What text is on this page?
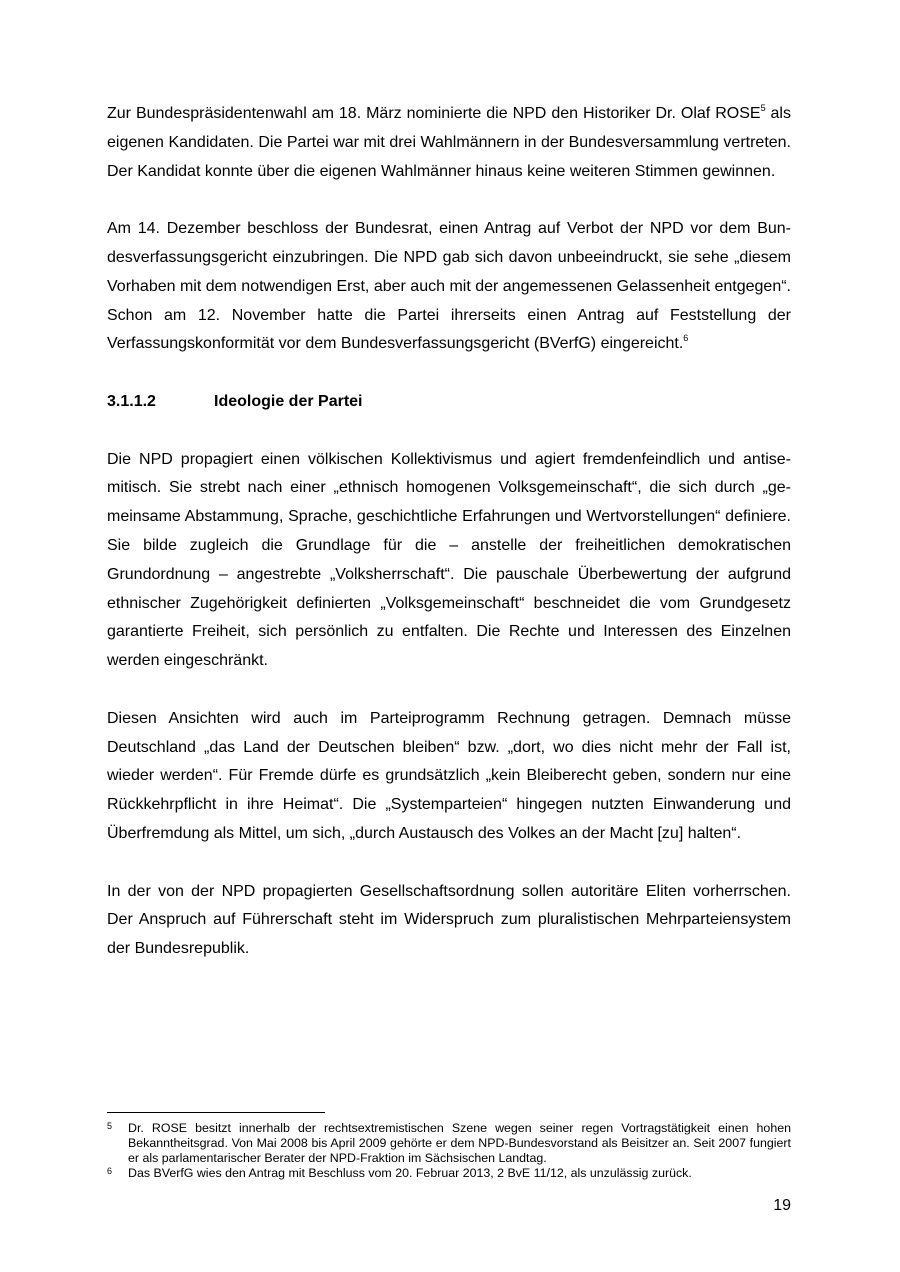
Zur Bundespräsidentenwahl am 18. März nominierte die NPD den Historiker Dr. Olaf ROSE$^5$ als eigenen Kandidaten. Die Partei war mit drei Wahlmännern in der Bundesversammlung vertreten. Der Kandidat konnte über die eigenen Wahlmänner hinaus keine weiteren Stimmen gewinnen.

Am 14. Dezember beschloss der Bundesrat, einen Antrag auf Verbot der NPD vor dem Bundesverfassungsgericht einzubringen. Die NPD gab sich davon unbeeindruckt, sie sehe „diesem Vorhaben mit dem notwendigen Erst, aber auch mit der angemessenen Gelassenheit entgegen“. Schon am 12. November hatte die Partei ihrerseits einen Antrag auf Feststellung der Verfassungskonformität vor dem Bundesverfassungsgericht (BVerfG) eingereicht.$^6$

3.1.1.2	Ideologie der Partei

Die NPD propagiert einen völkischen Kollektivismus und agiert fremdenfeindlich und antisemitisch. Sie strebt nach einer „ethnisch homogenen Volksgemeinschaft“, die sich durch „gemeinsame Abstammung, Sprache, geschichtliche Erfahrungen und Wertvorstellungen“ definiere. Sie bilde zugleich die Grundlage für die – anstelle der freiheitlichen demokratischen Grundordnung – angestrebte „Volksherrschaft“. Die pauschale Überbewertung der aufgrund ethnischer Zugehörigkeit definierten „Volksgemeinschaft“ beschneidet die vom Grundgesetz garantierte Freiheit, sich persönlich zu entfalten. Die Rechte und Interessen des Einzelnen werden eingeschränkt.

Diesen Ansichten wird auch im Parteiprogramm Rechnung getragen. Demnach müsse Deutschland „das Land der Deutschen bleiben“ bzw. „dort, wo dies nicht mehr der Fall ist, wieder werden“. Für Fremde dürfe es grundsätzlich „kein Bleiberecht geben, sondern nur eine Rückkehrpflicht in ihre Heimat“. Die „Systemparteien“ hingegen nutzten Einwanderung und Überfremdung als Mittel, um sich, „durch Austausch des Volkes an der Macht [zu] halten“.

In der von der NPD propagierten Gesellschaftsordnung sollen autoritäre Eliten vorherrschen. Der Anspruch auf Führerschaft steht im Widerspruch zum pluralistischen Mehrparteiensystem der Bundesrepublik.

5	Dr. ROSE besitzt innerhalb der rechtsextremistischen Szene wegen seiner regen Vortragstätigkeit einen hohen Bekanntheitsgrad. Von Mai 2008 bis April 2009 gehörte er dem NPD-Bundesvorstand als Beisitzer an. Seit 2007 fungiert er als parlamentarischer Berater der NPD-Fraktion im Sächsischen Landtag.
6	Das BVerfG wies den Antrag mit Beschluss vom 20. Februar 2013, 2 BvE 11/12, als unzulässig zurück.
19
